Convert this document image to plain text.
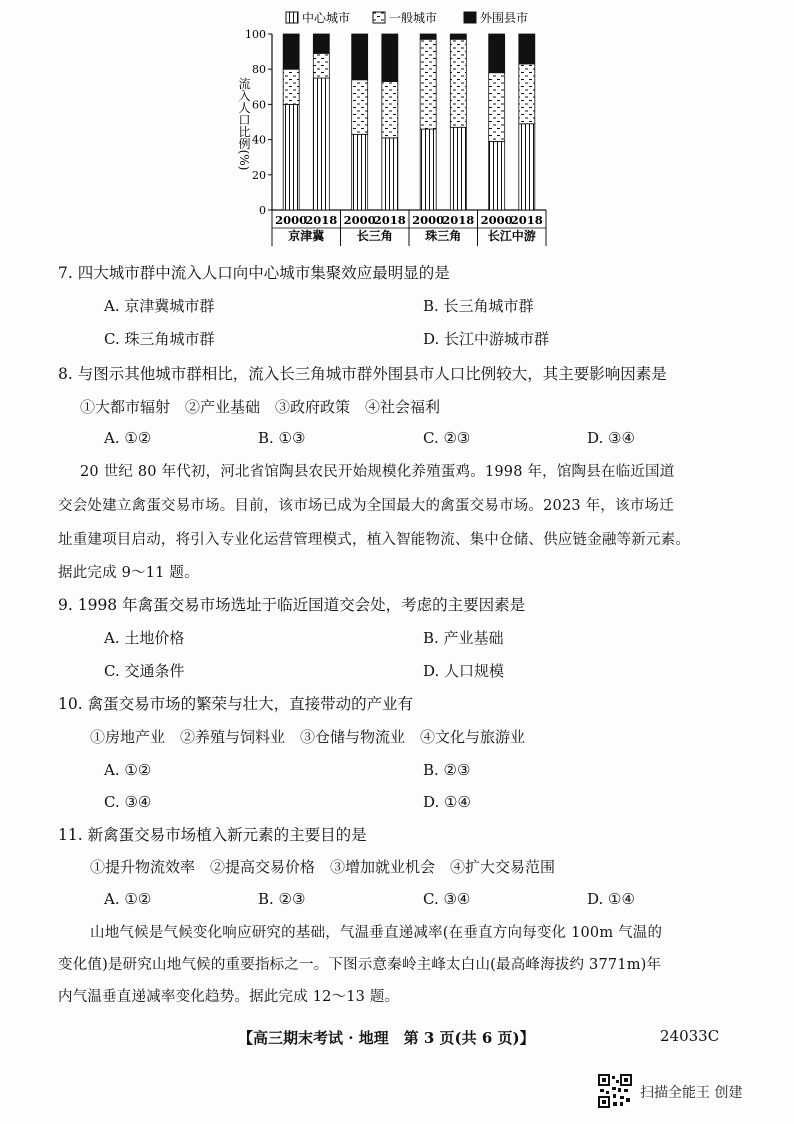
中心城市	一般城市	外围县市
流入人口比例(%)
0
20
40
60
80
100
2000
2018
京津冀
2000
2018
长三角
2000
2018
珠三角
2000
2018
长江中游
7. 四大城市群中流入人口向中心城市集聚效应最明显的是
A. 京津冀城市群	B. 长三角城市群
C. 珠三角城市群	D. 长江中游城市群
8. 与图示其他城市群相比，流入长三角城市群外围县市人口比例较大，其主要影响因素是
①大都市辐射　②产业基础　③政府政策　④社会福利
A. ①②	B. ①③	C. ②③	D. ③④
20 世纪 80 年代初，河北省馆陶县农民开始规模化养殖蛋鸡。1998 年，馆陶县在临近国道
交会处建立禽蛋交易市场。目前，该市场已成为全国最大的禽蛋交易市场。2023 年，该市场迁
址重建项目启动，将引入专业化运营管理模式，植入智能物流、集中仓储、供应链金融等新元素。
据此完成 9～11 题。
9. 1998 年禽蛋交易市场选址于临近国道交会处，考虑的主要因素是
A. 土地价格	B. 产业基础
C. 交通条件	D. 人口规模
10. 禽蛋交易市场的繁荣与壮大，直接带动的产业有
①房地产业　②养殖与饲料业　③仓储与物流业　④文化与旅游业
A. ①②	B. ②③
C. ③④	D. ①④
11. 新禽蛋交易市场植入新元素的主要目的是
①提升物流效率　②提高交易价格　③增加就业机会　④扩大交易范围
A. ①②	B. ②③	C. ③④	D. ①④
山地气候是气候变化响应研究的基础，气温垂直递减率(在垂直方向每变化 100m 气温的
变化值)是研究山地气候的重要指标之一。下图示意秦岭主峰太白山(最高峰海拔约 3771m)年
内气温垂直递减率变化趋势。据此完成 12～13 题。
【高三期末考试 · 地理　第 3 页(共 6 页)】	24033C
扫描全能王 创建
